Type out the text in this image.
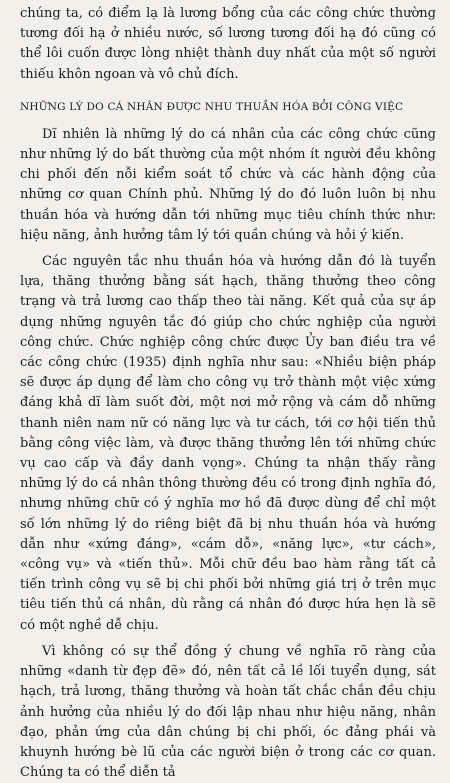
chúng ta, có điểm lạ là lương bổng của các công chức thường tương đối hạ ở nhiều nước, số lương tương đối hạ đó cũng có thể lôi cuốn được lòng nhiệt thành duy nhất của một số người thiếu khôn ngoan và vô chủ đích.

NHỮNG LÝ DO CÁ NHÂN ĐƯỢC NHU THUẦN HÓA BỞI CÔNG VIỆC

Dĩ nhiên là những lý do cá nhân của các công chức cũng như những lý do bất thường của một nhóm ít người đều không chi phối đến nỗi kiểm soát tổ chức và các hành động của những cơ quan Chính phủ. Những lý do đó luôn luôn bị nhu thuần hóa và hướng dẫn tới những mục tiêu chính thức như: hiệu năng, ảnh hưởng tâm lý tới quần chúng và hỏi ý kiến.

Các nguyên tắc nhu thuần hóa và hướng dẫn đó là tuyển lựa, thăng thưởng bằng sát hạch, thăng thưởng theo công trạng và trả lương cao thấp theo tài năng. Kết quả của sự áp dụng những nguyên tắc đó giúp cho chức nghiệp của người công chức. Chức nghiệp công chức được Ủy ban điều tra về các công chức (1935) định nghĩa như sau: «Nhiều biện pháp sẽ được áp dụng để làm cho công vụ trở thành một việc xứng đáng khả dĩ làm suốt đời, một nơi mở rộng và cám dỗ những thanh niên nam nữ có năng lực và tư cách, tới cơ hội tiến thủ bằng công việc làm, và được thăng thưởng lên tới những chức vụ cao cấp và đầy danh vọng». Chúng ta nhận thấy rằng những lý do cá nhân thông thường đều có trong định nghĩa đó, nhưng những chữ có ý nghĩa mơ hồ đã được dùng để chỉ một số lớn những lý do riêng biệt đã bị nhu thuần hóa và hướng dẫn như «xứng đáng», «cám dỗ», «năng lực», «tư cách», «công vụ» và «tiến thủ». Mỗi chữ đều bao hàm rằng tất cả tiến trình công vụ sẽ bị chi phối bởi những giá trị ở trên mục tiêu tiến thủ cá nhân, dù rằng cá nhân đó được hứa hẹn là sẽ có một nghề dễ chịu.

Vì không có sự thể đồng ý chung về nghĩa rõ ràng của những «danh từ đẹp đẽ» đó, nên tất cả lề lối tuyển dụng, sát hạch, trả lương, thăng thưởng và hoàn tất chắc chắn đều chịu ảnh hưởng của nhiều lý do đối lập nhau như hiệu năng, nhân đạo, phản ứng của dân chúng bị chi phối, óc đảng phái và khuynh hướng bè lũ của các người biện ở trong các cơ quan. Chúng ta có thể diễn tả
